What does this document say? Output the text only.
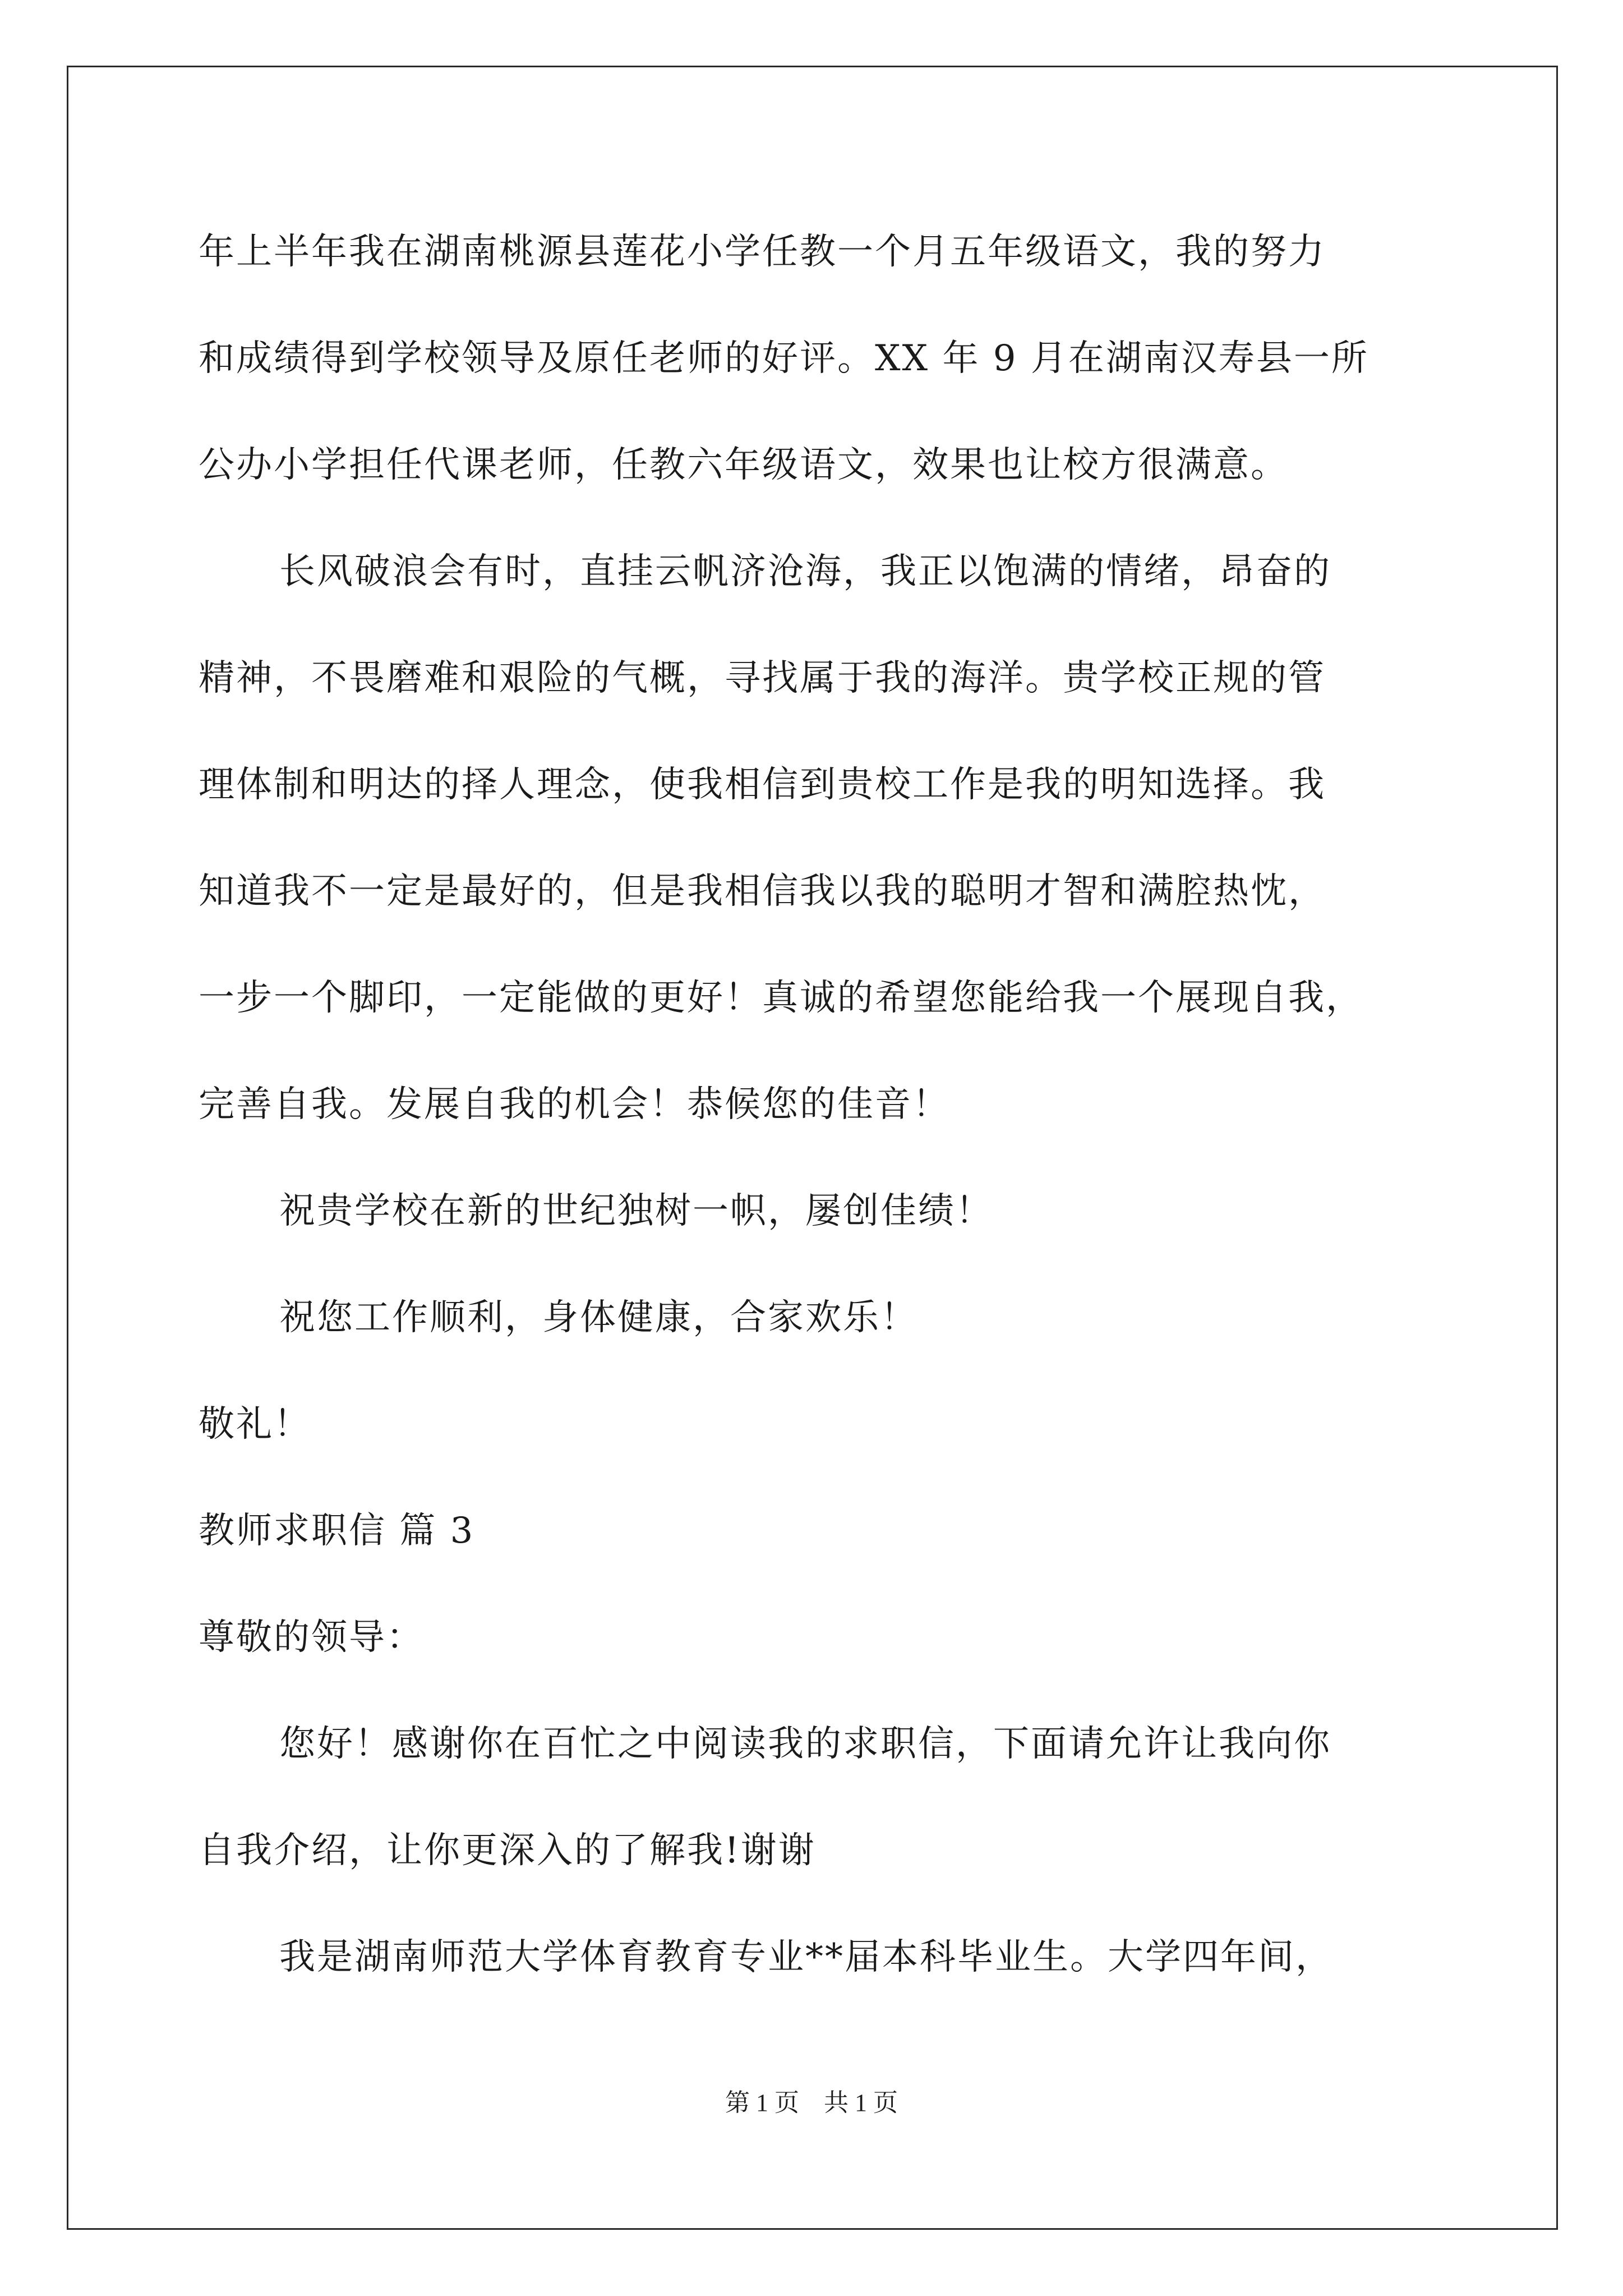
年上半年我在湖南桃源县莲花小学任教一个月五年级语文，我的努力
和成绩得到学校领导及原任老师的好评。XX 年 9 月在湖南汉寿县一所
公办小学担任代课老师，任教六年级语文，效果也让校方很满意。
长风破浪会有时，直挂云帆济沧海，我正以饱满的情绪，昂奋的
精神，不畏磨难和艰险的气概，寻找属于我的海洋。贵学校正规的管
理体制和明达的择人理念，使我相信到贵校工作是我的明知选择。我
知道我不一定是最好的，但是我相信我以我的聪明才智和满腔热忱，
一步一个脚印，一定能做的更好！真诚的希望您能给我一个展现自我，
完善自我。发展自我的机会！恭候您的佳音！
祝贵学校在新的世纪独树一帜，屡创佳绩！
祝您工作顺利，身体健康，合家欢乐！
敬礼！
教师求职信 篇 3
尊敬的领导：
您好！感谢你在百忙之中阅读我的求职信，下面请允许让我向你
自我介绍，让你更深入的了解我!谢谢
我是湖南师范大学体育教育专业**届本科毕业生。大学四年间，
第 1 页　共 1 页
